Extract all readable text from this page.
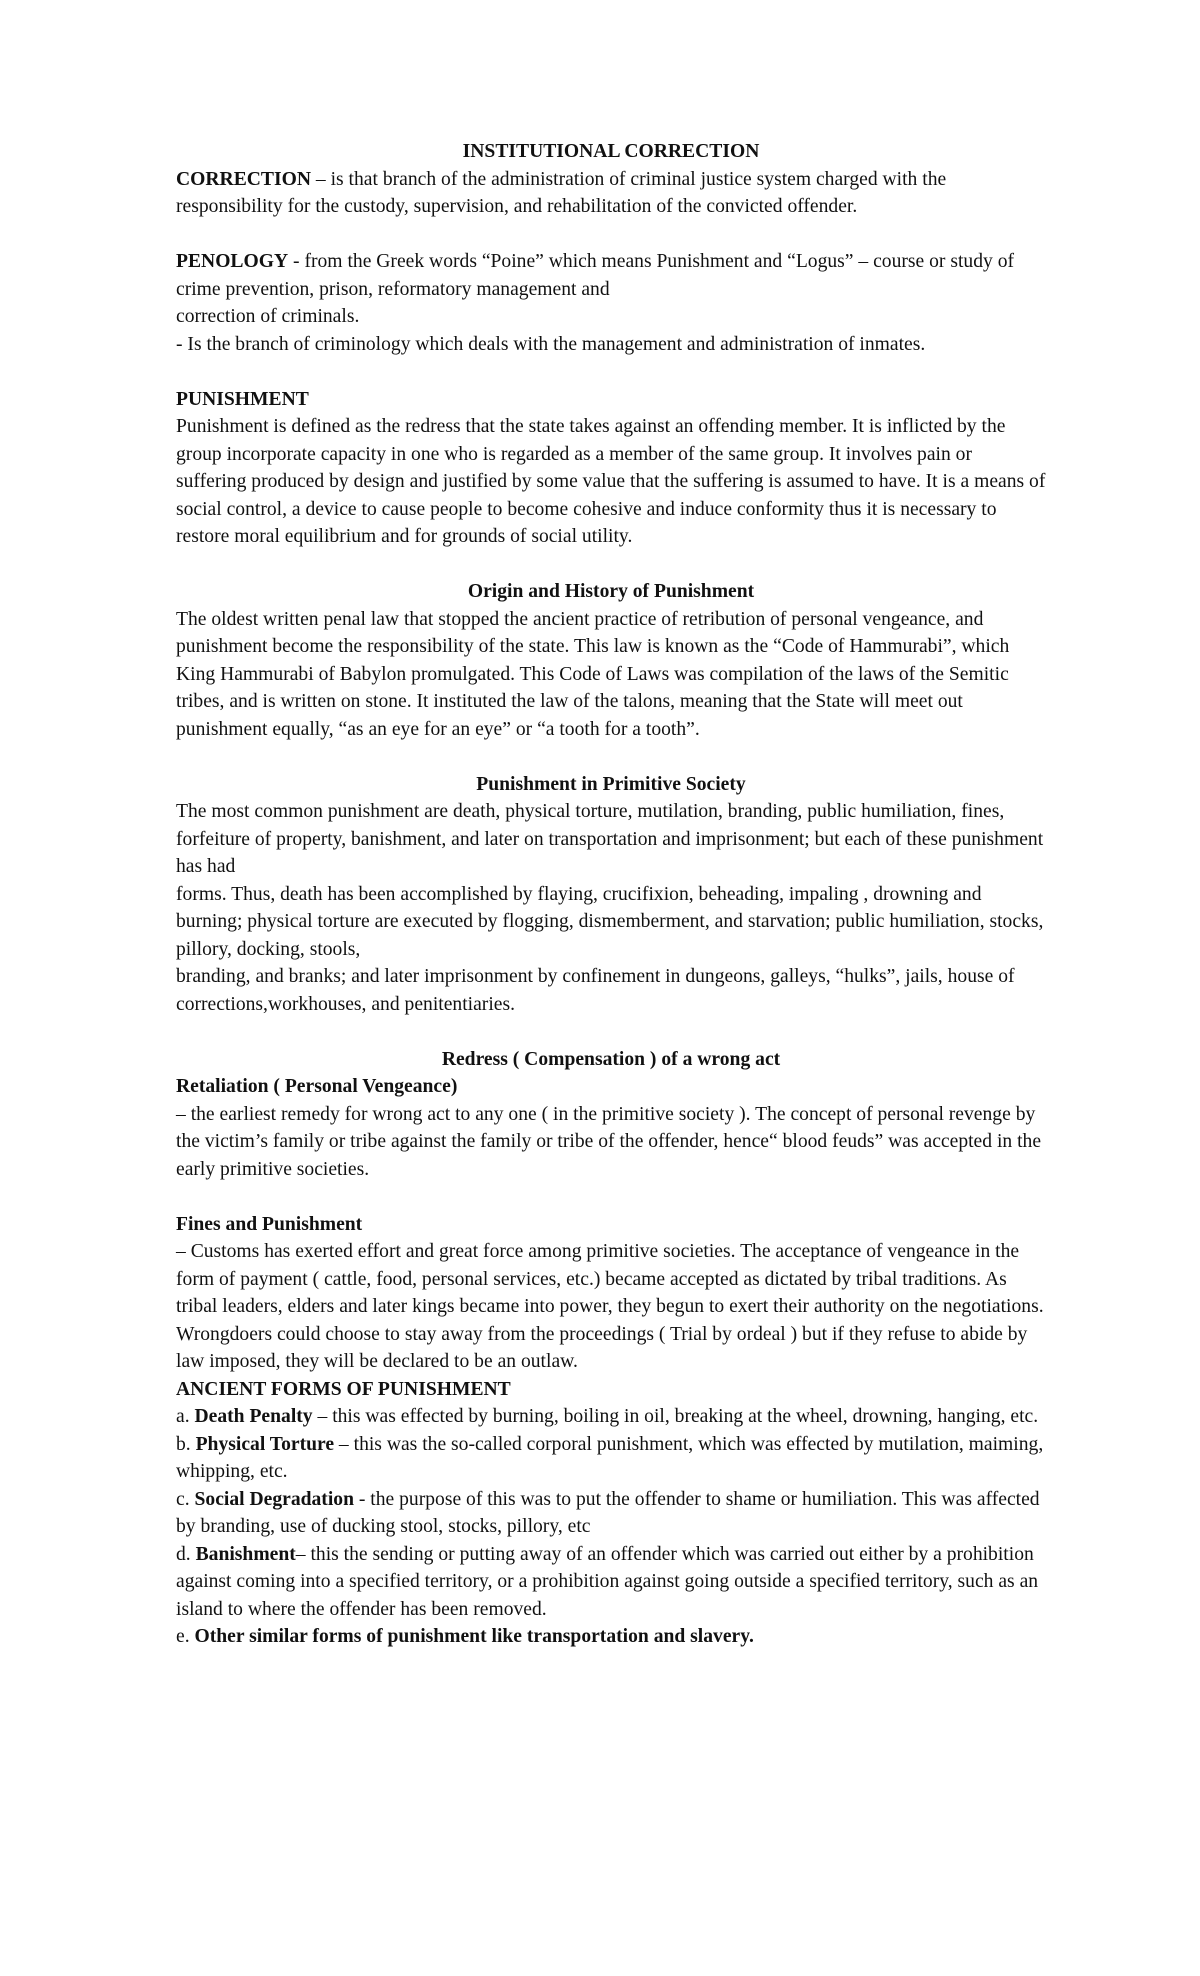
INSTITUTIONAL CORRECTION

CORRECTION – is that branch of the administration of criminal justice system charged with the responsibility for the custody, supervision, and rehabilitation of the convicted offender.

PENOLOGY - from the Greek words “Poine” which means Punishment and “Logus” – course or study of crime prevention, prison, reformatory management and

correction of criminals.

- Is the branch of criminology which deals with the management and administration of inmates.

PUNISHMENT

Punishment is defined as the redress that the state takes against an offending member. It is inflicted by the group incorporate capacity in one who is regarded as a member of the same group. It involves pain or suffering produced by design and justified by some value that the suffering is assumed to have. It is a means of social control, a device to cause people to become cohesive and induce conformity thus it is necessary to restore moral equilibrium and for grounds of social utility.

Origin and History of Punishment

The oldest written penal law that stopped the ancient practice of retribution of personal vengeance, and punishment become the responsibility of the state. This law is known as the “Code of Hammurabi”, which King Hammurabi of Babylon promulgated. This Code of Laws was compilation of the laws of the Semitic tribes, and is written on stone. It instituted the law of the talons, meaning that the State will meet out punishment equally, “as an eye for an eye” or “a tooth for a tooth”.

Punishment in Primitive Society

The most common punishment are death, physical torture, mutilation, branding, public humiliation, fines, forfeiture of property, banishment, and later on transportation and imprisonment; but each of these punishment has had

forms. Thus, death has been accomplished by flaying, crucifixion, beheading, impaling , drowning and burning; physical torture are executed by flogging, dismemberment, and starvation; public humiliation, stocks, pillory, docking, stools,

branding, and branks; and later imprisonment by confinement in dungeons, galleys, “hulks”, jails, house of corrections,workhouses, and penitentiaries.

Redress ( Compensation ) of a wrong act

Retaliation ( Personal Vengeance)

– the earliest remedy for wrong act to any one ( in the primitive society ). The concept of personal revenge by the victim’s family or tribe against the family or tribe of the offender, hence“ blood feuds” was accepted in the early primitive societies.

Fines and Punishment

– Customs has exerted effort and great force among primitive societies. The acceptance of vengeance in the form of payment ( cattle, food, personal services, etc.) became accepted as dictated by tribal traditions. As tribal leaders, elders and later kings became into power, they begun to exert their authority on the negotiations. Wrongdoers could choose to stay away from the proceedings ( Trial by ordeal ) but if they refuse to abide by law imposed, they will be declared to be an outlaw.

ANCIENT FORMS OF PUNISHMENT

a. Death Penalty – this was effected by burning, boiling in oil, breaking at the wheel, drowning, hanging, etc.

b. Physical Torture – this was the so-called corporal punishment, which was effected by mutilation, maiming, whipping, etc.

c. Social Degradation - the purpose of this was to put the offender to shame or humiliation. This was affected by branding, use of ducking stool, stocks, pillory, etc

d. Banishment– this the sending or putting away of an offender which was carried out either by a prohibition against coming into a specified territory, or a prohibition against going outside a specified territory, such as an island to where the offender has been removed.

e. Other similar forms of punishment like transportation and slavery.
